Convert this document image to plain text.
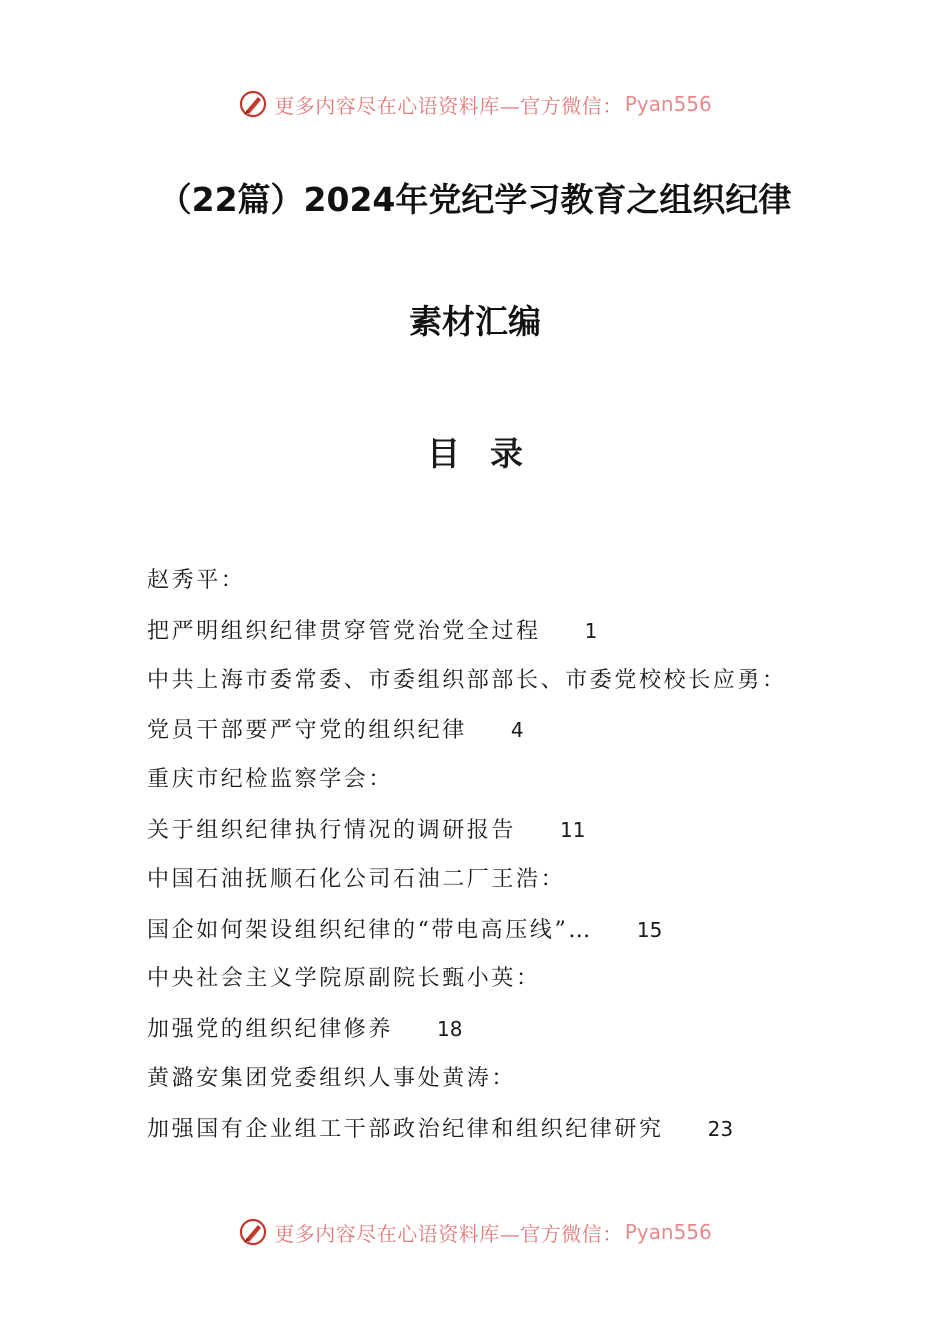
更多内容尽在心语资料库—官方微信： Pyan556
（22篇）2024年党纪学习教育之组织纪律
素材汇编
目录
赵秀平：
把严明组织纪律贯穿管党治党全过程 1
中共上海市委常委、市委组织部部长、市委党校校长应勇：
党员干部要严守党的组织纪律 4
重庆市纪检监察学会：
关于组织纪律执行情况的调研报告 11
中国石油抚顺石化公司石油二厂王浩：
国企如何架设组织纪律的“带电高压线”… 15
中央社会主义学院原副院长甄小英：
加强党的组织纪律修养 18
黄潞安集团党委组织人事处黄涛：
加强国有企业组工干部政治纪律和组织纪律研究 23
更多内容尽在心语资料库—官方微信： Pyan556
